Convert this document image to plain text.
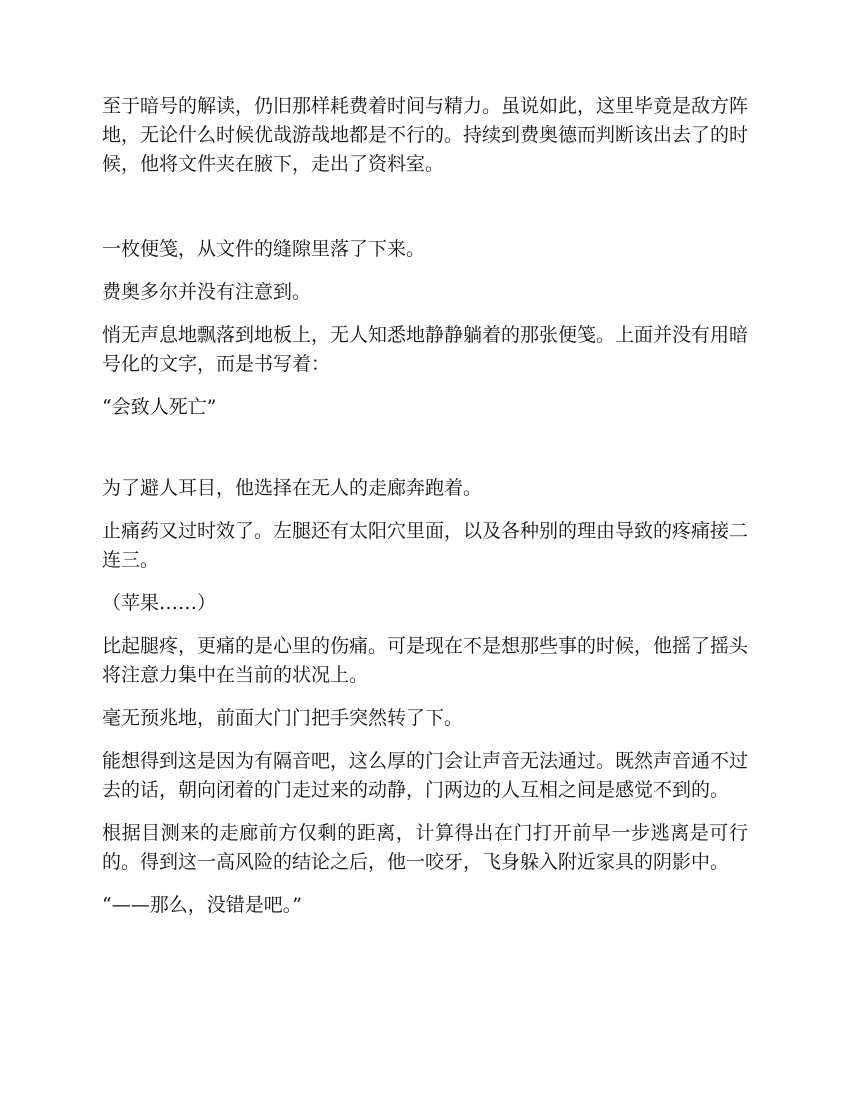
至于暗号的解读，仍旧那样耗费着时间与精力。虽说如此，这里毕竟是敌方阵地，无论什么时候优哉游哉地都是不行的。持续到费奥德而判断该出去了的时候，他将文件夹在腋下，走出了资料室。

一枚便笺，从文件的缝隙里落了下来。

费奥多尔并没有注意到。

悄无声息地飘落到地板上，无人知悉地静静躺着的那张便笺。上面并没有用暗号化的文字，而是书写着：

“会致人死亡”

为了避人耳目，他选择在无人的走廊奔跑着。

止痛药又过时效了。左腿还有太阳穴里面，以及各种别的理由导致的疼痛接二连三。

（苹果……）

比起腿疼，更痛的是心里的伤痛。可是现在不是想那些事的时候，他摇了摇头将注意力集中在当前的状况上。

毫无预兆地，前面大门门把手突然转了下。

能想得到这是因为有隔音吧，这么厚的门会让声音无法通过。既然声音通不过去的话，朝向闭着的门走过来的动静，门两边的人互相之间是感觉不到的。

根据目测来的走廊前方仅剩的距离，计算得出在门打开前早一步逃离是可行的。得到这一高风险的结论之后，他一咬牙，飞身躲入附近家具的阴影中。

“——那么，没错是吧。”
